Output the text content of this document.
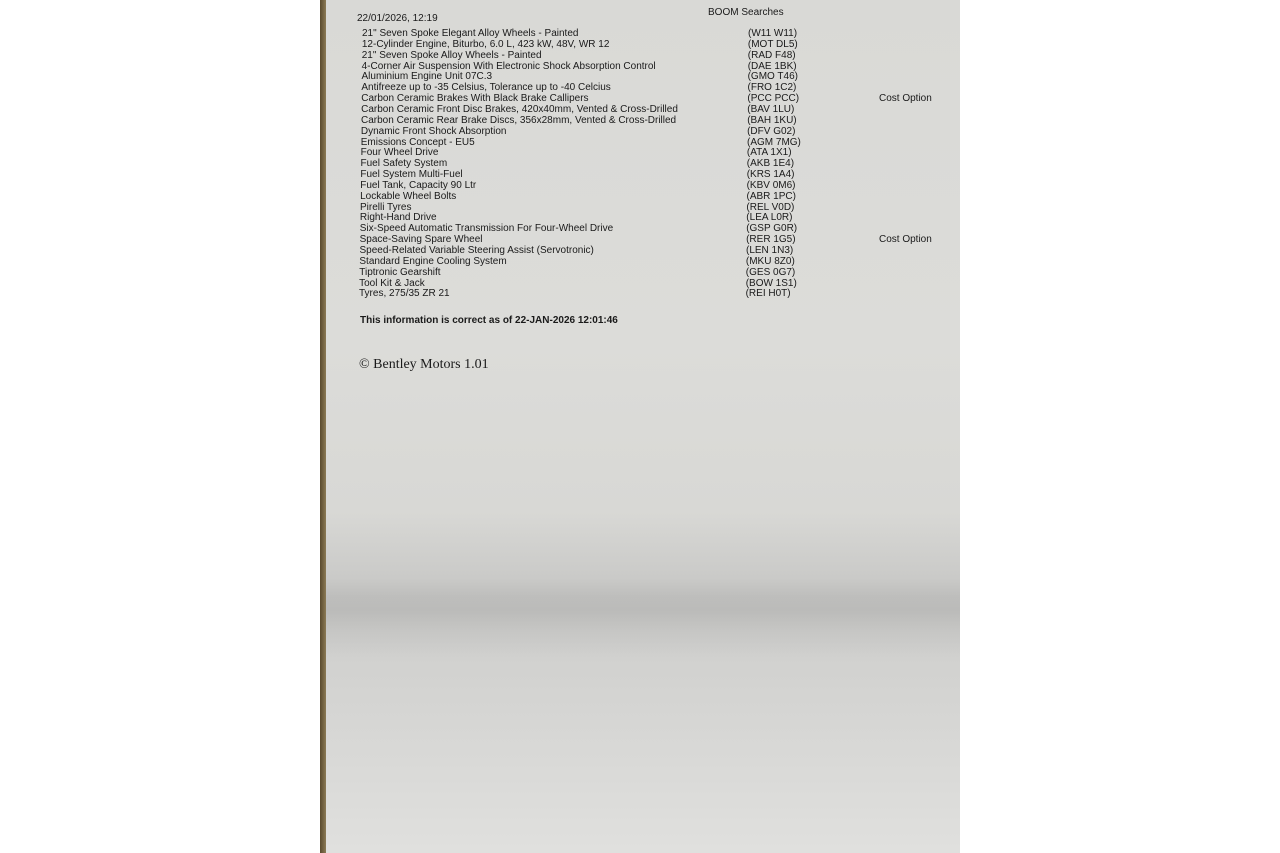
22/01/2026, 12:19
BOOM Searches
21" Seven Spoke Elegant Alloy Wheels - Painted	(W11 W11)
12-Cylinder Engine, Biturbo, 6.0 L, 423 kW, 48V, WR 12	(MOT DL5)
21" Seven Spoke Alloy Wheels - Painted	(RAD F48)
4-Corner Air Suspension With Electronic Shock Absorption Control	(DAE 1BK)
Aluminium Engine Unit 07C.3	(GMO T46)
Antifreeze up to -35 Celsius, Tolerance up to -40 Celcius	(FRO 1C2)
Carbon Ceramic Brakes With Black Brake Callipers	(PCC PCC)	Cost Option
Carbon Ceramic Front Disc Brakes, 420x40mm, Vented & Cross-Drilled	(BAV 1LU)
Carbon Ceramic Rear Brake Discs, 356x28mm, Vented & Cross-Drilled	(BAH 1KU)
Dynamic Front Shock Absorption	(DFV G02)
Emissions Concept - EU5	(AGM 7MG)
Four Wheel Drive	(ATA 1X1)
Fuel Safety System	(AKB 1E4)
Fuel System Multi-Fuel	(KRS 1A4)
Fuel Tank, Capacity 90 Ltr	(KBV 0M6)
Lockable Wheel Bolts	(ABR 1PC)
Pirelli Tyres	(REL V0D)
Right-Hand Drive	(LEA L0R)
Six-Speed Automatic Transmission For Four-Wheel Drive	(GSP G0R)
Space-Saving Spare Wheel	(RER 1G5)	Cost Option
Speed-Related Variable Steering Assist (Servotronic)	(LEN 1N3)
Standard Engine Cooling System	(MKU 8Z0)
Tiptronic Gearshift	(GES 0G7)
Tool Kit & Jack	(BOW 1S1)
Tyres, 275/35 ZR 21	(REI H0T)
This information is correct as of 22-JAN-2026 12:01:46
© Bentley Motors 1.01
